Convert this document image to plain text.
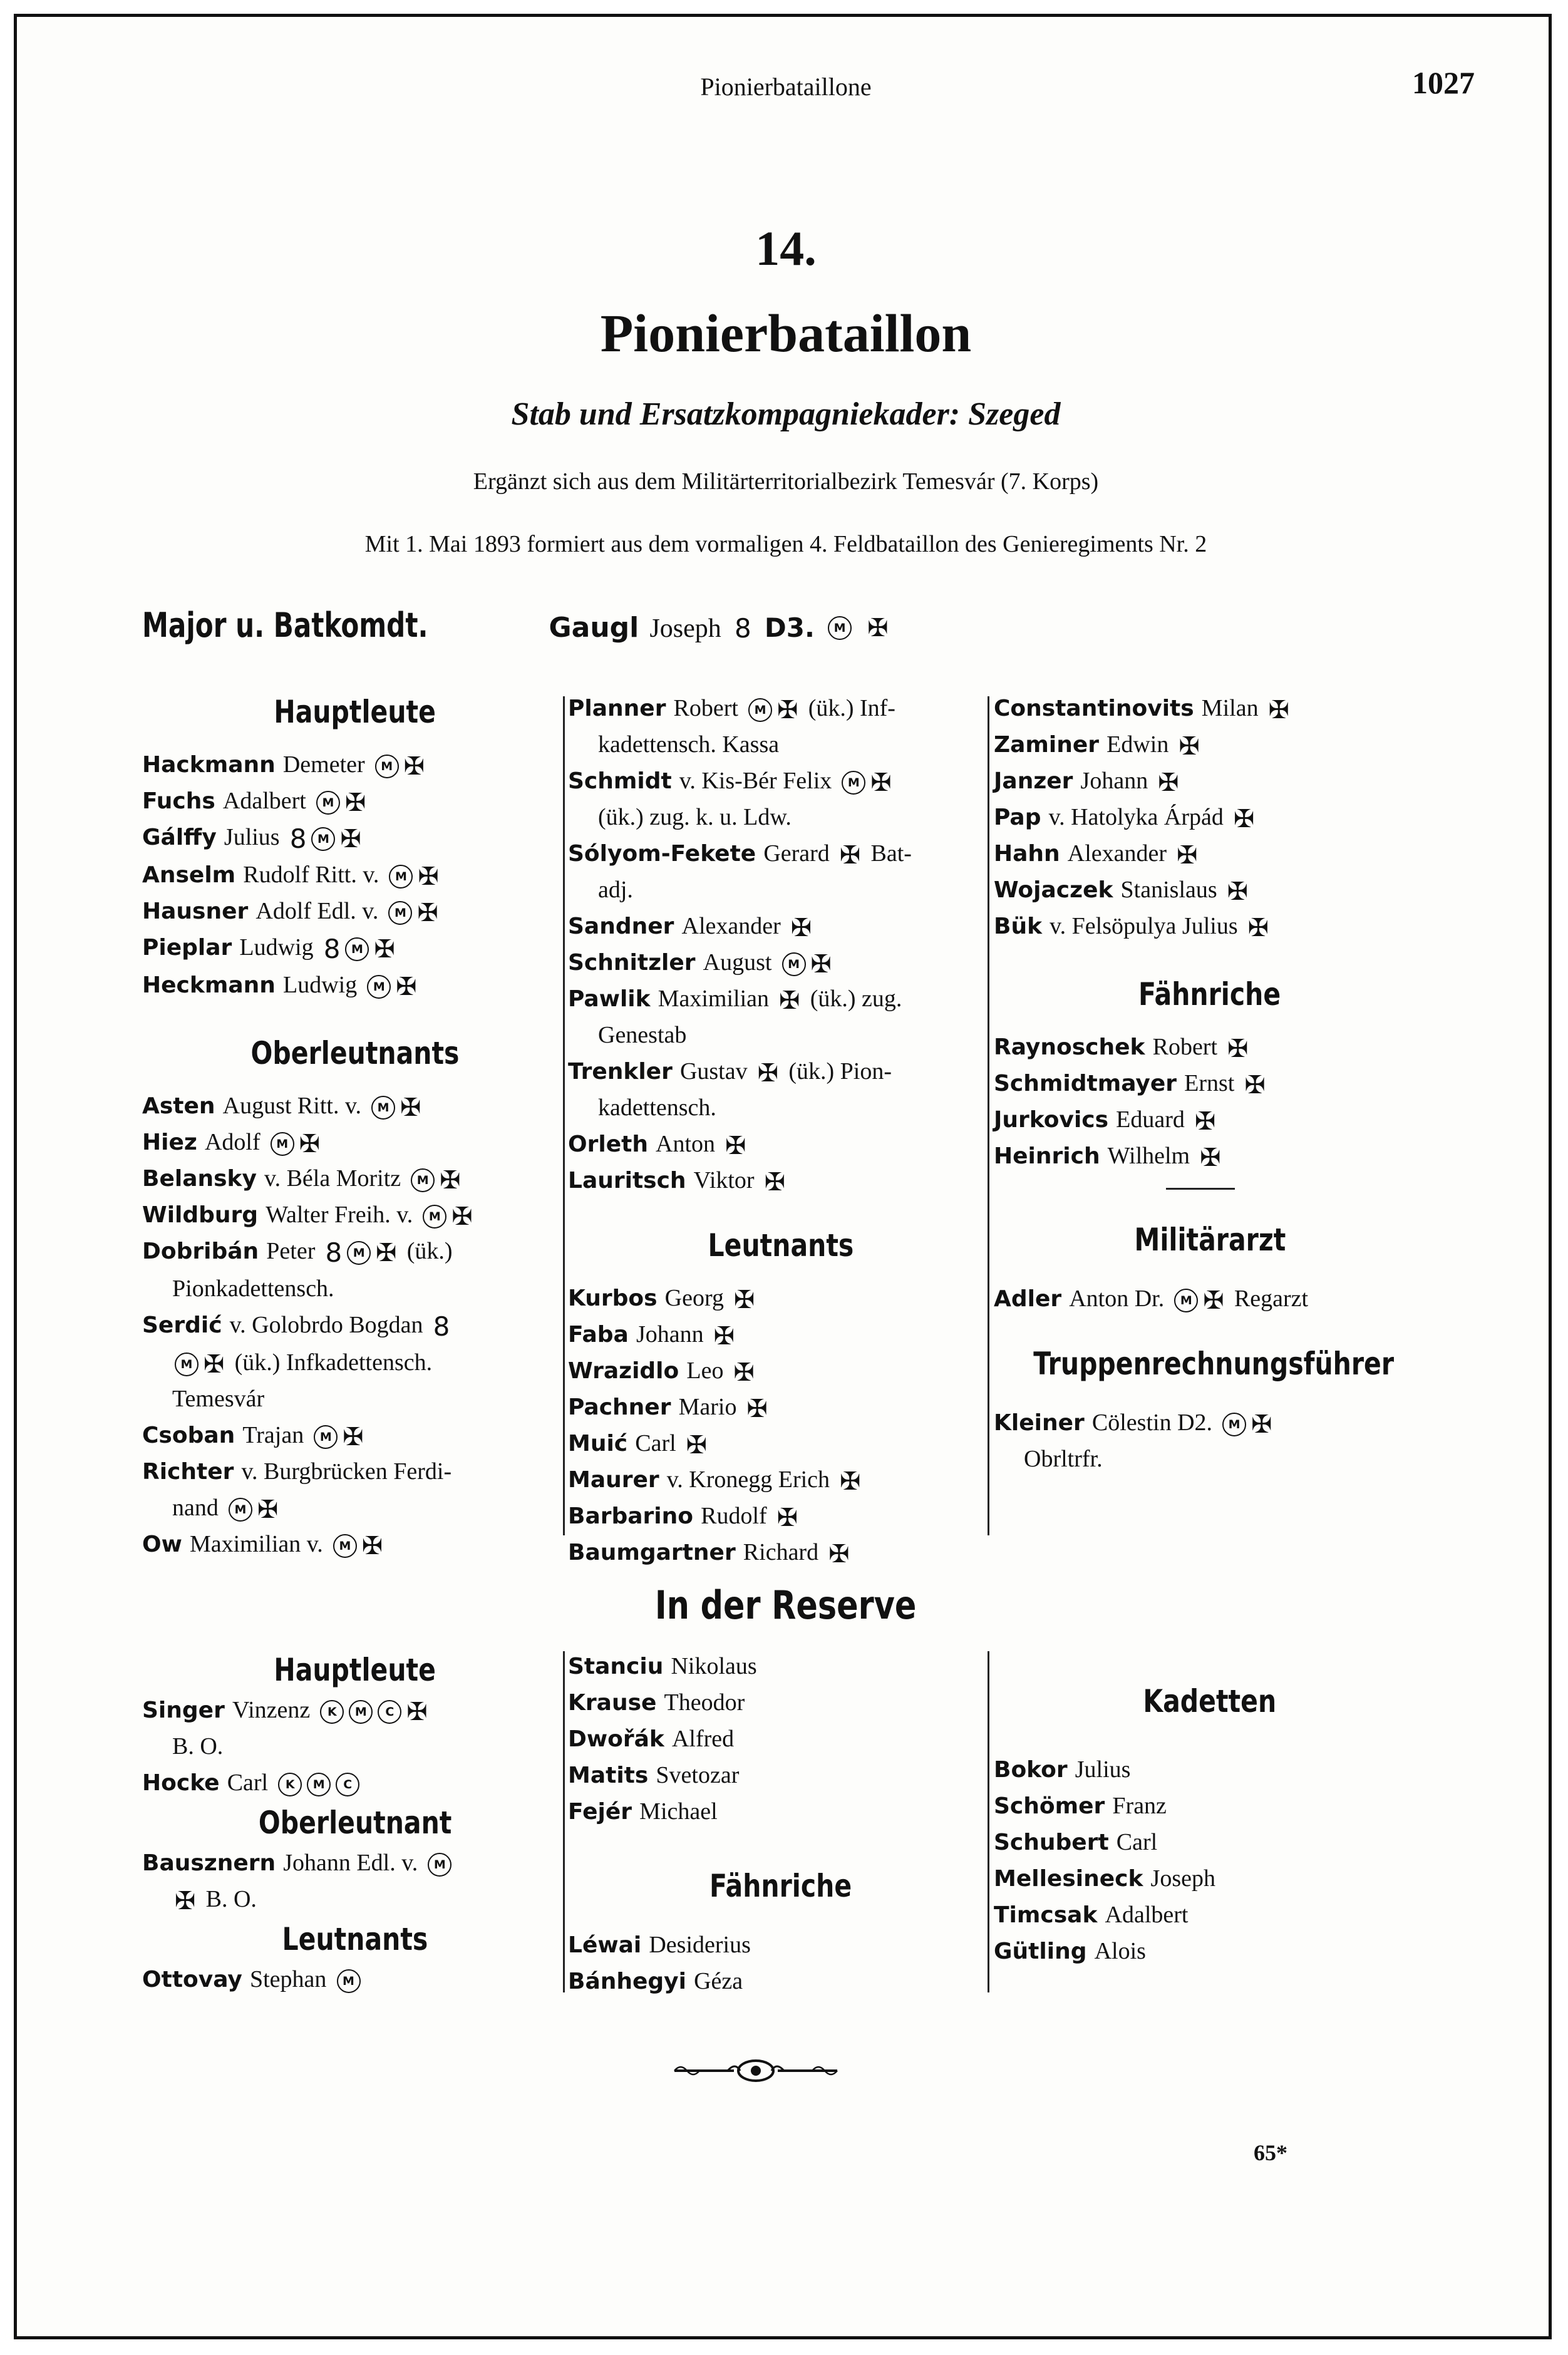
Pionierbataillone	1027
14.
Pionierbataillon
Stab und Ersatzkompagniekader: Szeged
Ergänzt sich aus dem Militärterritorialbezirk Temesvár (7. Korps)
Mit 1. Mai 1893 formiert aus dem vormaligen 4. Feldbataillon des Genieregiments Nr. 2
Major u. Batkomdt.	Gaugl Joseph 8 D3. M ✠
Hauptleute
Hackmann Demeter M ✠
Fuchs Adalbert M ✠
Gálffy Julius 8 M ✠
Anselm Rudolf Ritt. v. M ✠
Hausner Adolf Edl. v. M ✠
Pieplar Ludwig 8 M ✠
Heckmann Ludwig M ✠
Oberleutnants
Asten August Ritt. v. M ✠
Hiez Adolf M ✠
Belansky v. Béla Moritz M ✠
Wildburg Walter Freih. v. M ✠
Dobribán Peter 8 M ✠ (ük.)
Pionkadettensch.
Serdić v. Golobrdo Bogdan 8
M ✠ (ük.) Infkadettensch.
Temesvár
Csoban Trajan M ✠
Richter v. Burgbrücken Ferdi-
nand M ✠
Ow Maximilian v. M ✠
Planner Robert M ✠ (ük.) Inf-
kadettensch. Kassa
Schmidt v. Kis-Bér Felix M ✠
(ük.) zug. k. u. Ldw.
Sólyom-Fekete Gerard ✠ Bat-
adj.
Sandner Alexander ✠
Schnitzler August M ✠
Pawlik Maximilian ✠ (ük.) zug.
Genestab
Trenkler Gustav ✠ (ük.) Pion-
kadettensch.
Orleth Anton ✠
Lauritsch Viktor ✠
Leutnants
Kurbos Georg ✠
Faba Johann ✠
Wrazidlo Leo ✠
Pachner Mario ✠
Muić Carl ✠
Maurer v. Kronegg Erich ✠
Barbarino Rudolf ✠
Baumgartner Richard ✠
Constantinovits Milan ✠
Zaminer Edwin ✠
Janzer Johann ✠
Pap v. Hatolyka Árpád ✠
Hahn Alexander ✠
Wojaczek Stanislaus ✠
Bük v. Felsöpulya Julius ✠
Fähnriche
Raynoschek Robert ✠
Schmidtmayer Ernst ✠
Jurkovics Eduard ✠
Heinrich Wilhelm ✠
Militärarzt
Adler Anton Dr. M ✠ Regarzt
Truppenrechnungsführer
Kleiner Cölestin D2. M ✠
Obrltrfr.
In der Reserve
Hauptleute
Singer Vinzenz K M C ✠
B. O.
Hocke Carl K M C
Oberleutnant
Bausznern Johann Edl. v. M
✠ B. O.
Leutnants
Ottovay Stephan M
Stanciu Nikolaus
Krause Theodor
Dwořák Alfred
Matits Svetozar
Fejér Michael
Fähnriche
Léwai Desiderius
Bánhegyi Géza
Kadetten
Bokor Julius
Schömer Franz
Schubert Carl
Mellesineck Joseph
Timcsak Adalbert
Gütling Alois
65*
